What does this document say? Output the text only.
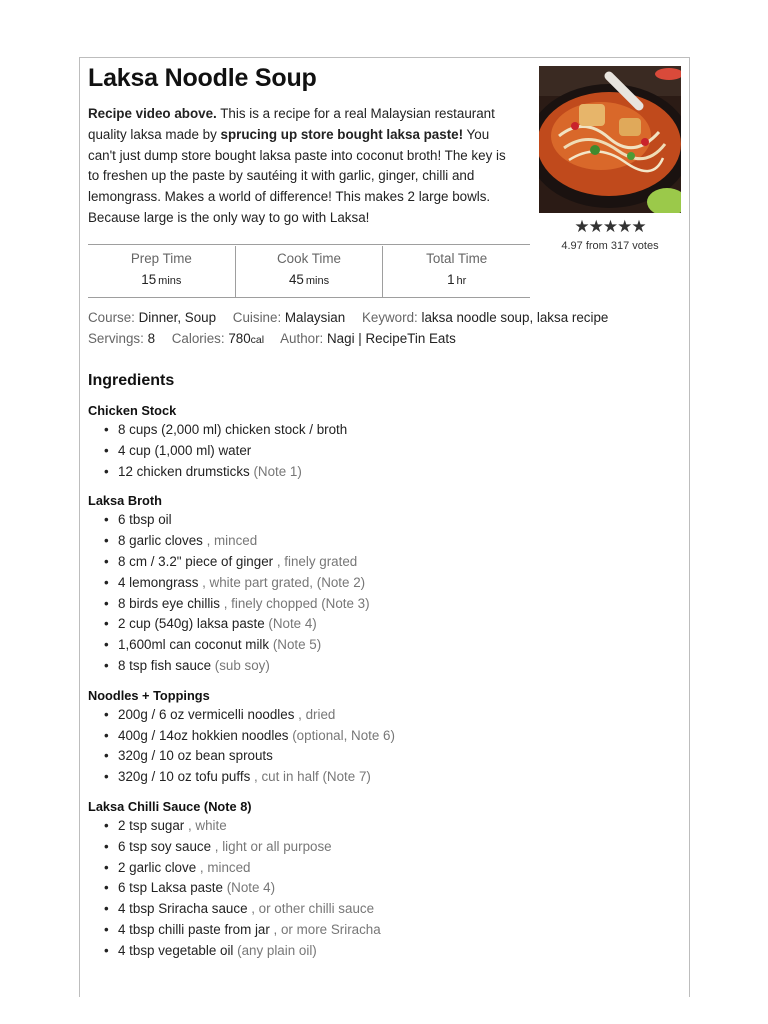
Laksa Noodle Soup

Recipe video above. This is a recipe for a real Malaysian restaurant quality laksa made by sprucing up store bought laksa paste! You can't just dump store bought laksa paste into coconut broth! The key is to freshen up the paste by sautéing it with garlic, ginger, chilli and lemongrass. Makes a world of difference! This makes 2 large bowls. Because large is the only way to go with Laksa!	★★★★★
4.97 from 317 votes
Prep Time
15 mins
Cook Time
45 mins
Total Time
1 hr
Course: Dinner, Soup Cuisine: Malaysian Keyword: laksa noodle soup, laksa recipe
Servings: 8 Calories: 780cal Author: Nagi | RecipeTin Eats
Ingredients
Chicken Stock
• 8 cups (2,000 ml) chicken stock / broth
• 4 cup (1,000 ml) water
• 12 chicken drumsticks (Note 1)
Laksa Broth
• 6 tbsp oil
• 8 garlic cloves , minced
• 8 cm / 3.2" piece of ginger , finely grated
• 4 lemongrass , white part grated, (Note 2)
• 8 birds eye chillis , finely chopped (Note 3)
• 2 cup (540g) laksa paste (Note 4)
• 1,600ml can coconut milk (Note 5)
• 8 tsp fish sauce (sub soy)
Noodles + Toppings
• 200g / 6 oz vermicelli noodles , dried
• 400g / 14oz hokkien noodles (optional, Note 6)
• 320g / 10 oz bean sprouts
• 320g / 10 oz tofu puffs , cut in half (Note 7)
Laksa Chilli Sauce (Note 8)
• 2 tsp sugar , white
• 6 tsp soy sauce , light or all purpose
• 2 garlic clove , minced
• 6 tsp Laksa paste (Note 4)
• 4 tbsp Sriracha sauce , or other chilli sauce
• 4 tbsp chilli paste from jar , or more Sriracha
• 4 tbsp vegetable oil (any plain oil)
